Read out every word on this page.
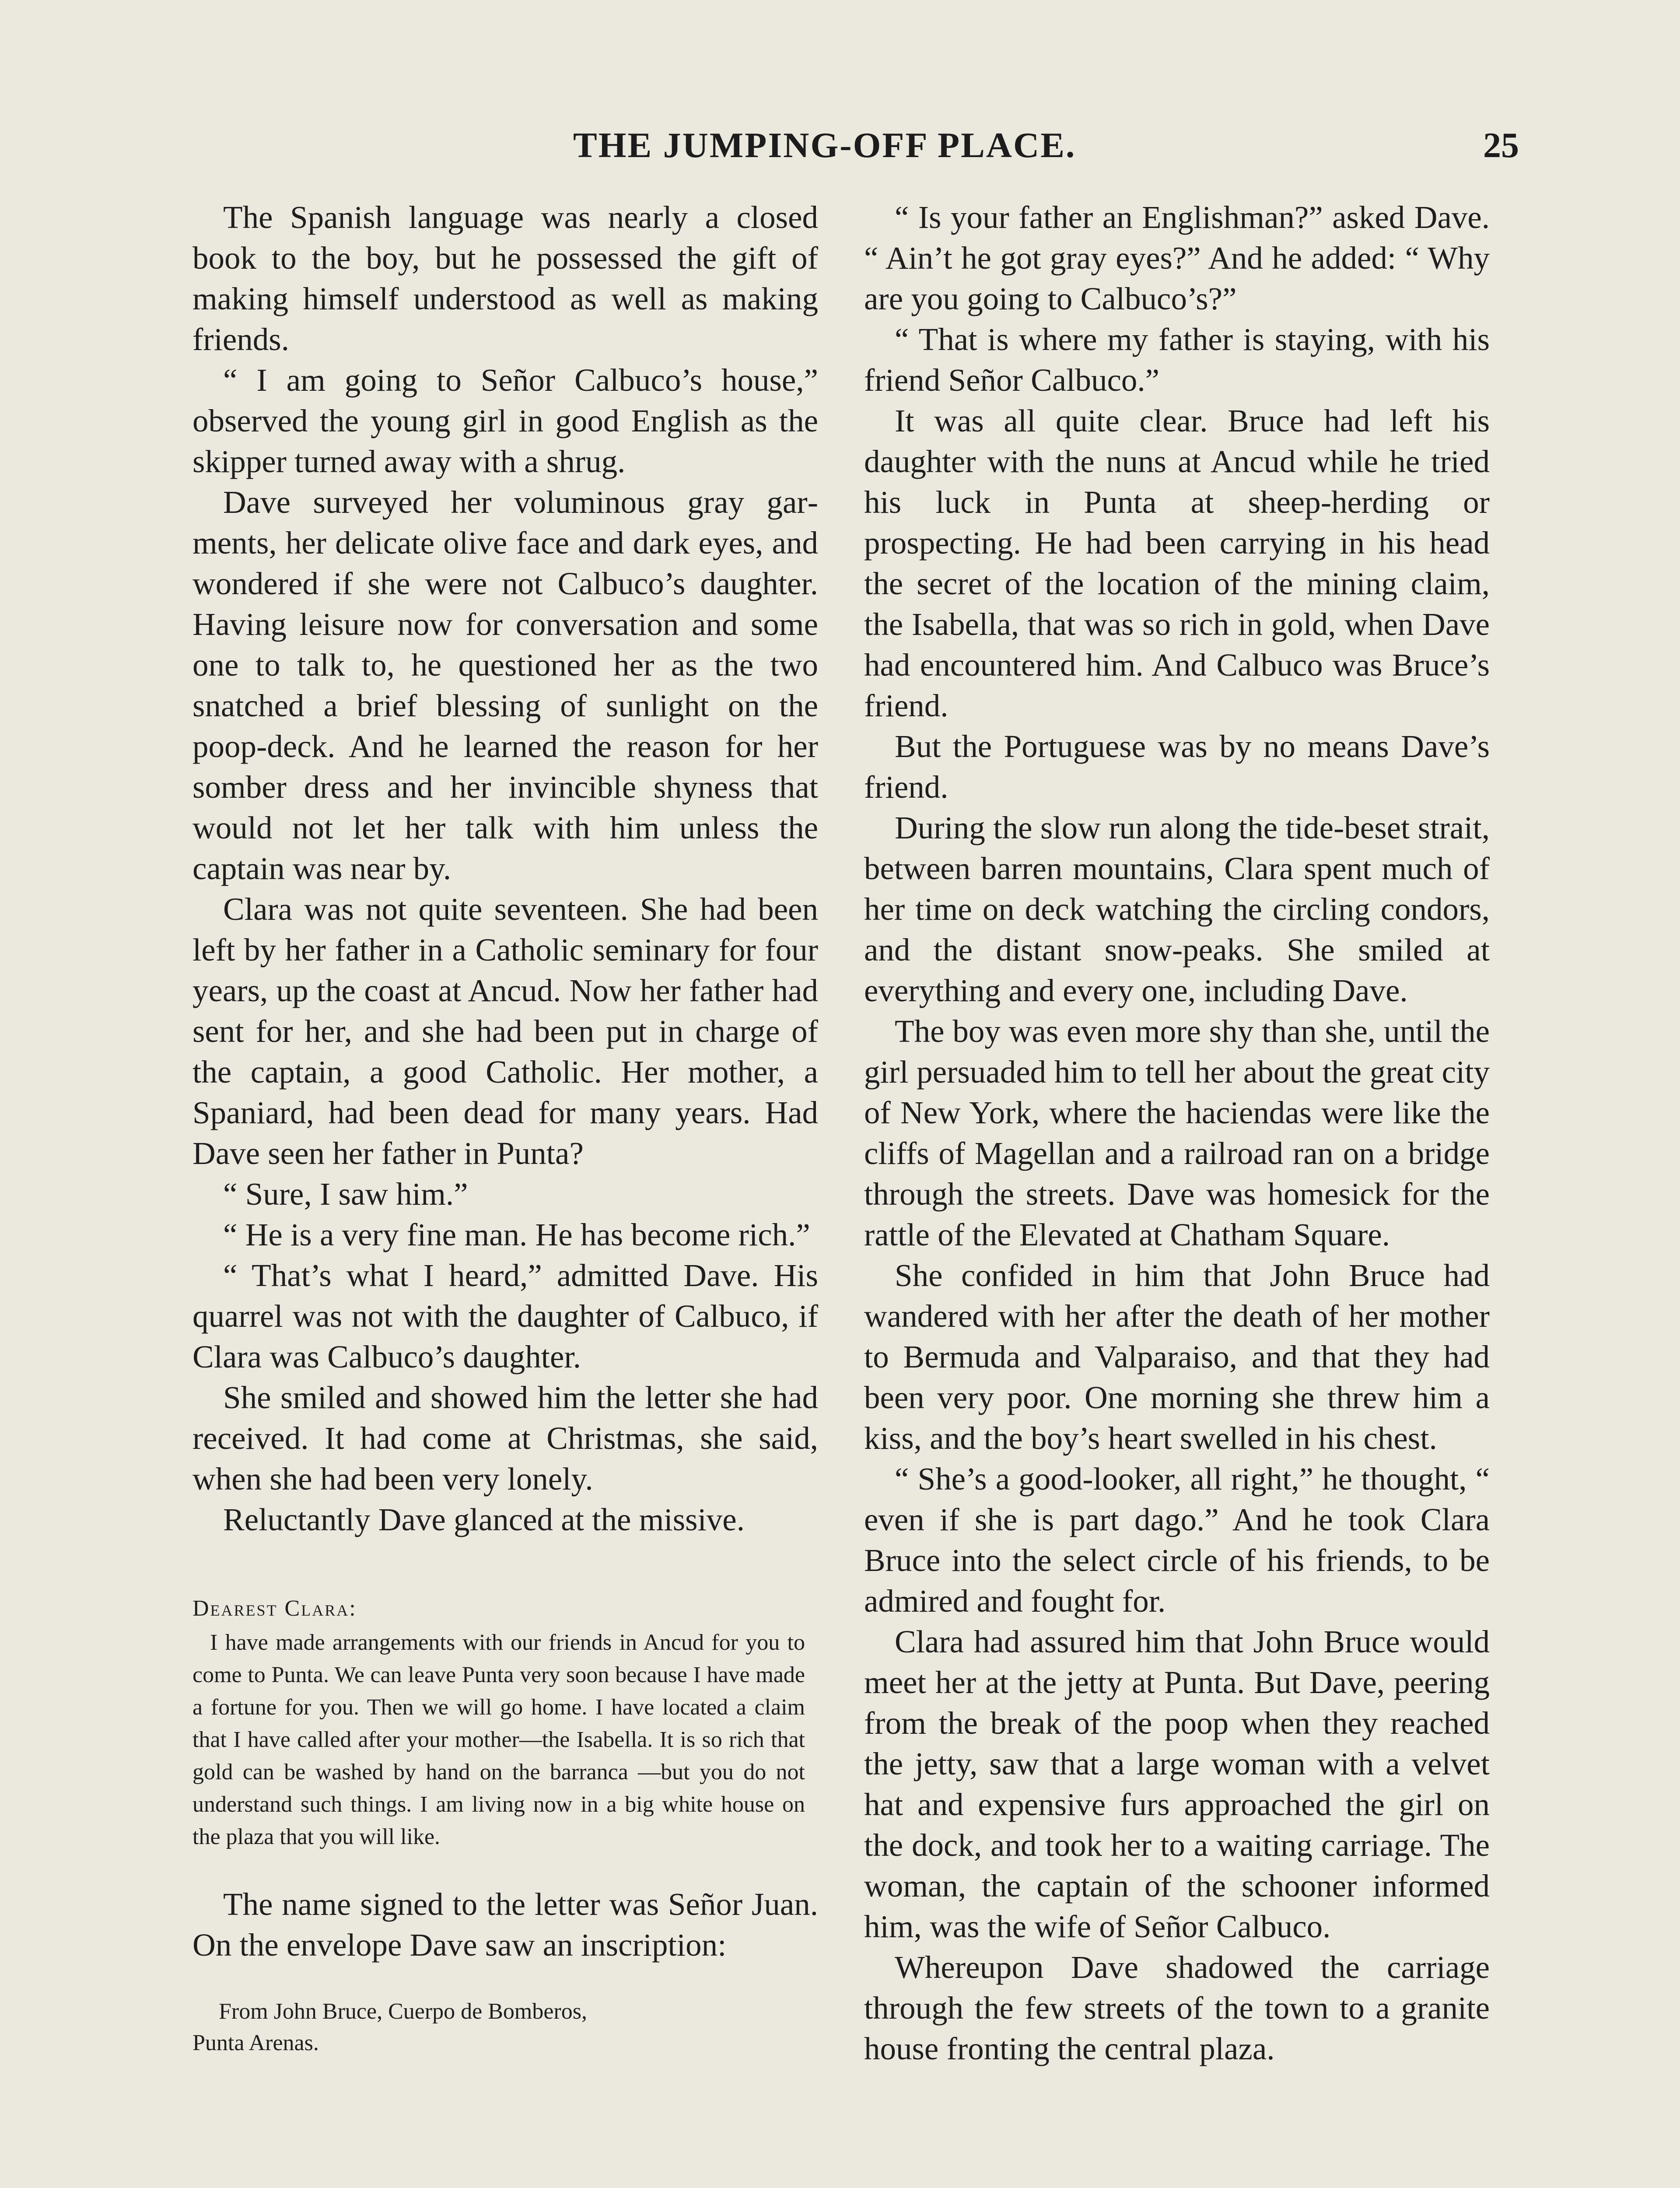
THE JUMPING-OFF PLACE.	25

The Spanish language was nearly a closed book to the boy, but he possessed the gift of making himself understood as well as making friends.

“ I am going to Señor Calbuco’s house,” observed the young girl in good English as the skipper turned away with a shrug.

Dave surveyed her voluminous gray garments, her delicate olive face and dark eyes, and wondered if she were not Calbuco’s daughter. Having leisure now for conversation and some one to talk to, he questioned her as the two snatched a brief blessing of sunlight on the poop-deck. And he learned the reason for her somber dress and her invincible shyness that would not let her talk with him unless the captain was near by.

Clara was not quite seventeen. She had been left by her father in a Catholic seminary for four years, up the coast at Ancud. Now her father had sent for her, and she had been put in charge of the captain, a good Catholic. Her mother, a Spaniard, had been dead for many years. Had Dave seen her father in Punta?

“ Sure, I saw him.”

“ He is a very fine man. He has become rich.”

“ That’s what I heard,” admitted Dave. His quarrel was not with the daughter of Calbuco, if Clara was Calbuco’s daughter.

She smiled and showed him the letter she had received. It had come at Christmas, she said, when she had been very lonely.

Reluctantly Dave glanced at the missive.

Dearest Clara:

I have made arrangements with our friends in Ancud for you to come to Punta. We can leave Punta very soon because I have made a fortune for you. Then we will go home. I have located a claim that I have called after your mother—the Isabella. It is so rich that gold can be washed by hand on the barranca —but you do not understand such things. I am living now in a big white house on the plaza that you will like.

The name signed to the letter was Señor Juan. On the envelope Dave saw an inscription:

From John Bruce, Cuerpo de Bomberos,
Punta Arenas.

“ Is your father an Englishman?” asked Dave. “ Ain’t he got gray eyes?” And he added: “ Why are you going to Calbuco’s?”

“ That is where my father is staying, with his friend Señor Calbuco.”

It was all quite clear. Bruce had left his daughter with the nuns at Ancud while he tried his luck in Punta at sheep-herding or prospecting. He had been carrying in his head the secret of the location of the mining claim, the Isabella, that was so rich in gold, when Dave had encountered him. And Calbuco was Bruce’s friend.

But the Portuguese was by no means Dave’s friend.

During the slow run along the tide-beset strait, between barren mountains, Clara spent much of her time on deck watching the circling condors, and the distant snow-peaks. She smiled at everything and every one, including Dave.

The boy was even more shy than she, until the girl persuaded him to tell her about the great city of New York, where the haciendas were like the cliffs of Magellan and a railroad ran on a bridge through the streets. Dave was homesick for the rattle of the Elevated at Chatham Square.

She confided in him that John Bruce had wandered with her after the death of her mother to Bermuda and Valparaiso, and that they had been very poor. One morning she threw him a kiss, and the boy’s heart swelled in his chest.

“ She’s a good-looker, all right,” he thought, “ even if she is part dago.” And he took Clara Bruce into the select circle of his friends, to be admired and fought for.

Clara had assured him that John Bruce would meet her at the jetty at Punta. But Dave, peering from the break of the poop when they reached the jetty, saw that a large woman with a velvet hat and expensive furs approached the girl on the dock, and took her to a waiting carriage. The woman, the captain of the schooner informed him, was the wife of Señor Calbuco.

Whereupon Dave shadowed the carriage through the few streets of the town to a granite house fronting the central plaza.
